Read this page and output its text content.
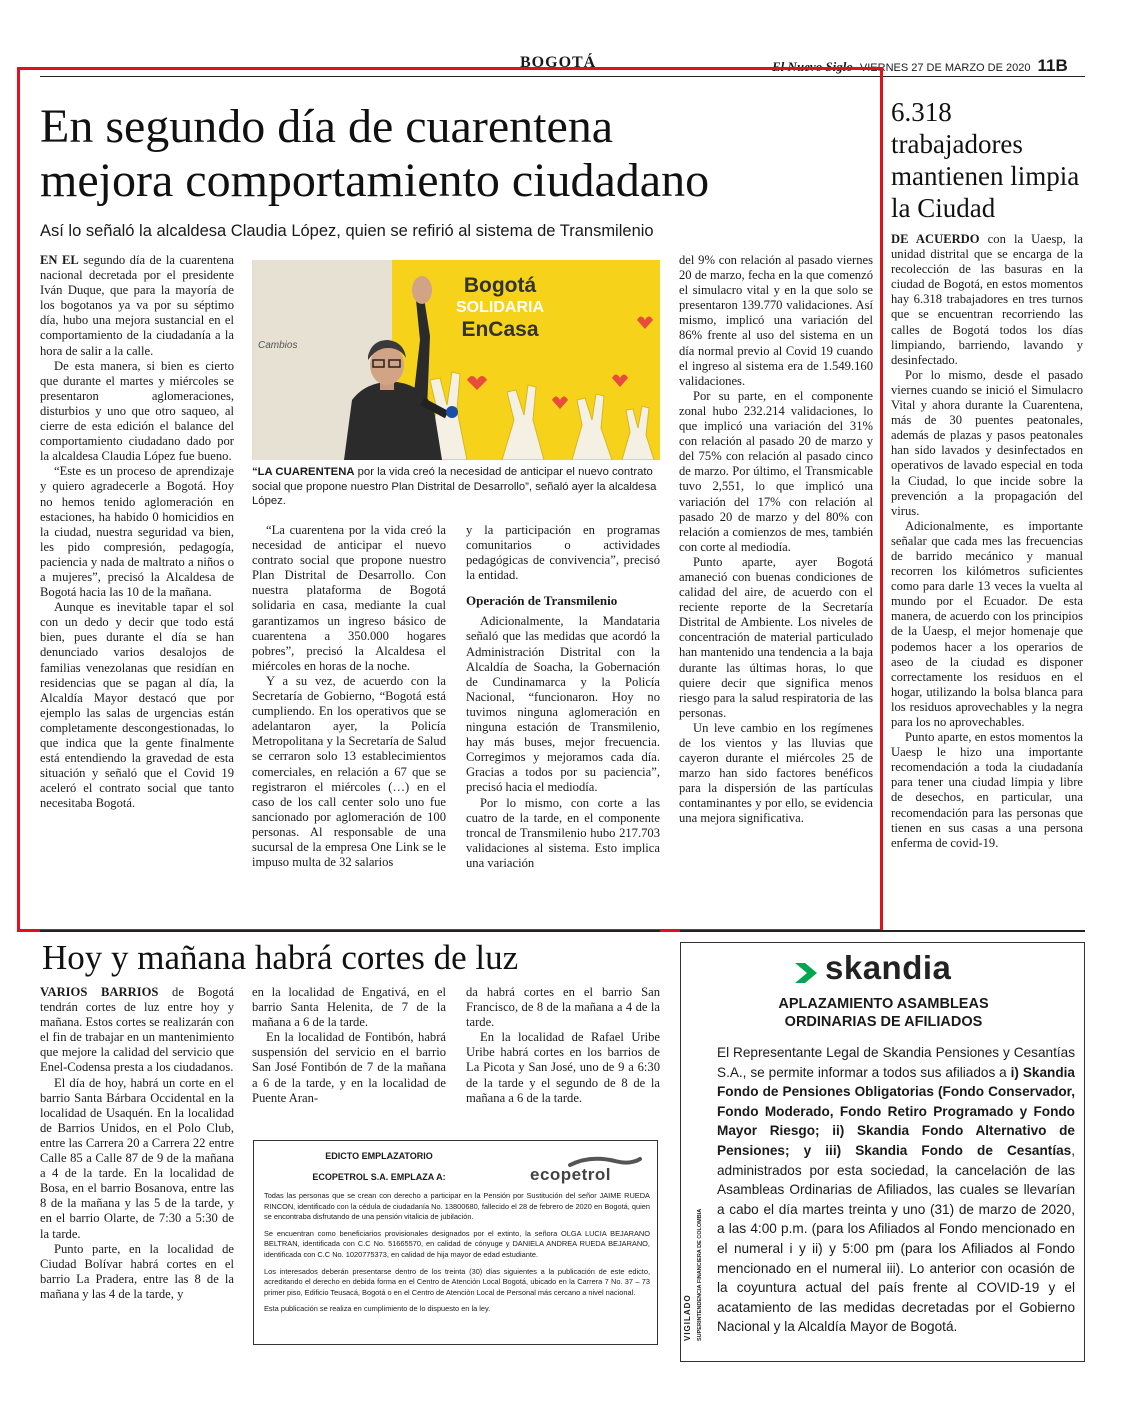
BOGOTÁ	El Nuevo Siglo VIERNES 27 DE MARZO DE 2020 11B
En segundo día de cuarentena
mejora comportamiento ciudadano
Así lo señaló la alcaldesa Claudia López, quien se refirió al sistema de Transmilenio

EN EL segundo día de la cuarentena nacional decretada por el presidente Iván Duque, que para la mayoría de los bogotanos ya va por su séptimo día, hubo una mejora sustancial en el comportamiento de la ciudadanía a la hora de salir a la calle.

De esta manera, si bien es cierto que durante el martes y miércoles se presentaron aglomeraciones, disturbios y uno que otro saqueo, al cierre de esta edición el balance del comportamiento ciudadano dado por la alcaldesa Claudia López fue bueno.

“Este es un proceso de aprendizaje y quiero agradecerle a Bogotá. Hoy no hemos tenido aglomeración en estaciones, ha habido 0 homicidios en la ciudad, nuestra seguridad va bien, les pido compresión, pedagogía, paciencia y nada de maltrato a niños o a mujeres”, precisó la Alcaldesa de Bogotá hacia las 10 de la mañana.

Aunque es inevitable tapar el sol con un dedo y decir que todo está bien, pues durante el día se han denunciado varios desalojos de familias venezolanas que residían en residencias que se pagan al día, la Alcaldía Mayor destacó que por ejemplo las salas de urgencias están completamente descongestionadas, lo que indica que la gente finalmente está entendiendo la gravedad de esta situación y señaló que el Covid 19 aceleró el contrato social que tanto necesitaba Bogotá.

Cambios
Bogotá
SOLIDARIA
EnCasa
“LA CUARENTENA por la vida creó la necesidad de anticipar el nuevo contrato social que propone nuestro Plan Distrital de Desarrollo”, señaló ayer la alcaldesa López.

“La cuarentena por la vida creó la necesidad de anticipar el nuevo contrato social que propone nuestro Plan Distrital de Desarrollo. Con nuestra plataforma de Bogotá solidaria en casa, mediante la cual garantizamos un ingreso básico de cuarentena a 350.000 hogares pobres”, precisó la Alcaldesa el miércoles en horas de la noche.

Y a su vez, de acuerdo con la Secretaría de Gobierno, “Bogotá está cumpliendo. En los operativos que se adelantaron ayer, la Policía Metropolitana y la Secretaría de Salud se cerraron solo 13 establecimientos comerciales, en relación a 67 que se registraron el miércoles (…) en el caso de los call center solo uno fue sancionado por aglomeración de 100 personas. Al responsable de una sucursal de la empresa One Link se le impuso multa de 32 salarios

y la participación en programas comunitarios o actividades pedagógicas de convivencia”, precisó la entidad.

Operación de Transmilenio

Adicionalmente, la Mandataria señaló que las medidas que acordó la Administración Distrital con la Alcaldía de Soacha, la Gobernación de Cundinamarca y la Policía Nacional, “funcionaron. Hoy no tuvimos ninguna aglomeración en ninguna estación de Transmilenio, hay más buses, mejor frecuencia. Corregimos y mejoramos cada día. Gracias a todos por su paciencia”, precisó hacia el mediodía.

Por lo mismo, con corte a las cuatro de la tarde, en el componente troncal de Transmilenio hubo 217.703 validaciones al sistema. Esto implica una variación

del 9% con relación al pasado viernes 20 de marzo, fecha en la que comenzó el simulacro vital y en la que solo se presentaron 139.770 validaciones. Así mismo, implicó una variación del 86% frente al uso del sistema en un día normal previo al Covid 19 cuando el ingreso al sistema era de 1.549.160 validaciones.

Por su parte, en el componente zonal hubo 232.214 validaciones, lo que implicó una variación del 31% con relación al pasado 20 de marzo y del 75% con relación al pasado cinco de marzo. Por último, el Transmicable tuvo 2,551, lo que implicó una variación del 17% con relación al pasado 20 de marzo y del 80% con relación a comienzos de mes, también con corte al mediodía.

Punto aparte, ayer Bogotá amaneció con buenas condiciones de calidad del aire, de acuerdo con el reciente reporte de la Secretaría Distrital de Ambiente. Los niveles de concentración de material particulado han mantenido una tendencia a la baja durante las últimas horas, lo que quiere decir que significa menos riesgo para la salud respiratoria de las personas.

Un leve cambio en los regímenes de los vientos y las lluvias que cayeron durante el miércoles 25 de marzo han sido factores benéficos para la dispersión de las partículas contaminantes y por ello, se evidencia una mejora significativa.

6.318 trabajadores mantienen limpia la Ciudad

DE ACUERDO con la Uaesp, la unidad distrital que se encarga de la recolección de las basuras en la ciudad de Bogotá, en estos momentos hay 6.318 trabajadores en tres turnos que se encuentran recorriendo las calles de Bogotá todos los días limpiando, barriendo, lavando y desinfectado.

Por lo mismo, desde el pasado viernes cuando se inició el Simulacro Vital y ahora durante la Cuarentena, más de 30 puentes peatonales, además de plazas y pasos peatonales han sido lavados y desinfectados en operativos de lavado especial en toda la Ciudad, lo que incide sobre la prevención a la propagación del virus.

Adicionalmente, es importante señalar que cada mes las frecuencias de barrido mecánico y manual recorren los kilómetros suficientes como para darle 13 veces la vuelta al mundo por el Ecuador. De esta manera, de acuerdo con los principios de la Uaesp, el mejor homenaje que podemos hacer a los operarios de aseo de la ciudad es disponer correctamente los residuos en el hogar, utilizando la bolsa blanca para los residuos aprovechables y la negra para los no aprovechables.

Punto aparte, en estos momentos la Uaesp le hizo una importante recomendación a toda la ciudadanía para tener una ciudad limpia y libre de desechos, en particular, una recomendación para las personas que tienen en sus casas a una persona enferma de covid-19.

Hoy y mañana habrá cortes de luz

VARIOS BARRIOS de Bogotá tendrán cortes de luz entre hoy y mañana. Estos cortes se realizarán con el fin de trabajar en un mantenimiento que mejore la calidad del servicio que Enel-Codensa presta a los ciudadanos.

El día de hoy, habrá un corte en el barrio Santa Bárbara Occidental en la localidad de Usaquén. En la localidad de Barrios Unidos, en el Polo Club, entre las Carrera 20 a Carrera 22 entre Calle 85 a Calle 87 de 9 de la mañana a 4 de la tarde. En la localidad de Bosa, en el barrio Bosanova, entre las 8 de la mañana y las 5 de la tarde, y en el barrio Olarte, de 7:30 a 5:30 de la tarde.

Punto parte, en la localidad de Ciudad Bolívar habrá cortes en el barrio La Pradera, entre las 8 de la mañana y las 4 de la tarde, y

en la localidad de Engativá, en el barrio Santa Helenita, de 7 de la mañana a 6 de la tarde.

En la localidad de Fontibón, habrá suspensión del servicio en el barrio San José Fontibón de 7 de la mañana a 6 de la tarde, y en la localidad de Puente Aran-

da habrá cortes en el barrio San Francisco, de 8 de la mañana a 4 de la tarde.

En la localidad de Rafael Uribe Uribe habrá cortes en los barrios de La Picota y San José, uno de 9 a 6:30 de la tarde y el segundo de 8 de la mañana a 6 de la tarde.

EDICTO EMPLAZATORIO
ECOPETROL S.A. EMPLAZA A:	ecopetrol
Todas las personas que se crean con derecho a participar en la Pensión por Sustitución del señor JAIME RUEDA RINCON, identificado con la cédula de ciudadanía No. 13800680, fallecido el 28 de febrero de 2020 en Bogotá, quien se encontraba disfrutando de una pensión vitalicia de jubilación.
Se encuentran como beneficiarios provisionales designados por el extinto, la señora OLGA LUCIA BEJARANO BELTRAN, identificada con C.C No. 51665570, en calidad de cónyuge y DANIELA ANDREA RUEDA BEJARANO, identificada con C.C No. 1020775373, en calidad de hija mayor de edad estudiante.
Los interesados deberán presentarse dentro de los treinta (30) días siguientes a la publicación de este edicto, acreditando el derecho en debida forma en el Centro de Atención Local Bogotá, ubicado en la Carrera 7 No. 37 – 73 primer piso, Edificio Teusacá, Bogotá o en el Centro de Atención Local de Personal más cercano a nivel nacional.
Esta publicación se realiza en cumplimiento de lo dispuesto en la ley.
skandia
APLAZAMIENTO ASAMBLEAS
ORDINARIAS DE AFILIADOS
VIGILADO SUPERINTENDENCIA FINANCIERA DE COLOMBIA
El Representante Legal de Skandia Pensiones y Cesantías S.A., se permite informar a todos sus afiliados a i) Skandia Fondo de Pensiones Obligatorias (Fondo Conservador, Fondo Moderado, Fondo Retiro Programado y Fondo Mayor Riesgo; ii) Skandia Fondo Alternativo de Pensiones; y iii) Skandia Fondo de Cesantías, administrados por esta sociedad, la cancelación de las Asambleas Ordinarias de Afiliados, las cuales se llevarían a cabo el día martes treinta y uno (31) de marzo de 2020, a las 4:00 p.m. (para los Afiliados al Fondo mencionado en el numeral i y ii) y 5:00 pm (para los Afiliados al Fondo mencionado en el numeral iii). Lo anterior con ocasión de la coyuntura actual del país frente al COVID-19 y el acatamiento de las medidas decretadas por el Gobierno Nacional y la Alcaldía Mayor de Bogotá.
